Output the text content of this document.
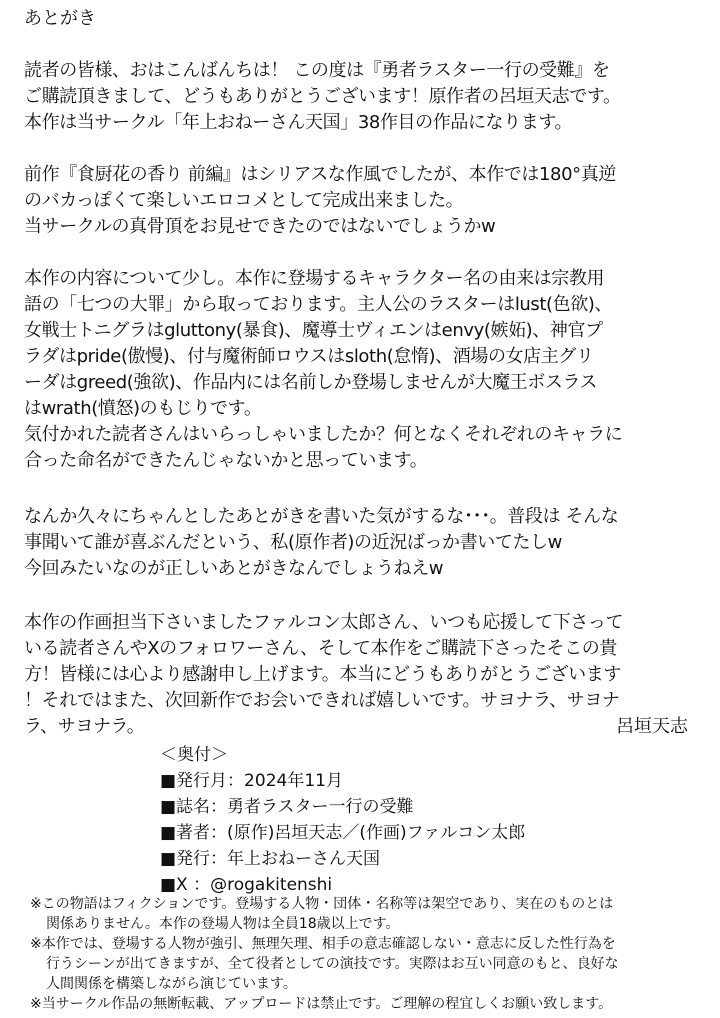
あとがき
読者の皆様、おはこんばんちは！ この度は『勇者ラスター一行の受難』を
ご購読頂きまして、どうもありがとうございます！原作者の呂垣天志です。
本作は当サークル「年上おねーさん天国」38作目の作品になります。
前作『食厨花の香り 前編』はシリアスな作風でしたが、本作では180°真逆
のバカっぽくて楽しいエロコメとして完成出来ました。
当サークルの真骨頂をお見せできたのではないでしょうかw
本作の内容について少し。本作に登場するキャラクター名の由来は宗教用
語の「七つの大罪」から取っております。主人公のラスターはlust(色欲)、
女戦士トニグラはgluttony(暴食)、魔導士ヴィエンはenvy(嫉妬)、神官プ
ラダはpride(傲慢)、付与魔術師ロウスはsloth(怠惰)、酒場の女店主グリ
ーダはgreed(強欲)、作品内には名前しか登場しませんが大魔王ボスラス
はwrath(憤怒)のもじりです。
気付かれた読者さんはいらっしゃいましたか？何となくそれぞれのキャラに
合った命名ができたんじゃないかと思っています。
なんか久々にちゃんとしたあとがきを書いた気がするな･･･。普段は そんな
事聞いて誰が喜ぶんだという、私(原作者)の近況ばっか書いてたしw
今回みたいなのが正しいあとがきなんでしょうねえw
本作の作画担当下さいましたファルコン太郎さん、いつも応援して下さって
いる読者さんやXのフォロワーさん、そして本作をご購読下さったそこの貴
方！皆様には心より感謝申し上げます。本当にどうもありがとうございます
！それではまた、次回新作でお会いできれば嬉しいです。サヨナラ、サヨナ
ラ、サヨナラ。	呂垣天志
＜奥付＞
■発行月：2024年11月
■誌名：勇者ラスター一行の受難
■著者：(原作)呂垣天志／(作画)ファルコン太郎
■発行：年上おねーさん天国
■X ：@rogakitenshi
※この物語はフィクションです。登場する人物・団体・名称等は架空であり、実在のものとは
関係ありません。本作の登場人物は全員18歳以上です。
※本作では、登場する人物が強引、無理矢理、相手の意志確認しない・意志に反した性行為を
行うシーンが出てきますが、全て役者としての演技です。実際はお互い同意のもと、良好な
人間関係を構築しながら演じています。
※当サークル作品の無断転載、アップロードは禁止です。ご理解の程宜しくお願い致します。
